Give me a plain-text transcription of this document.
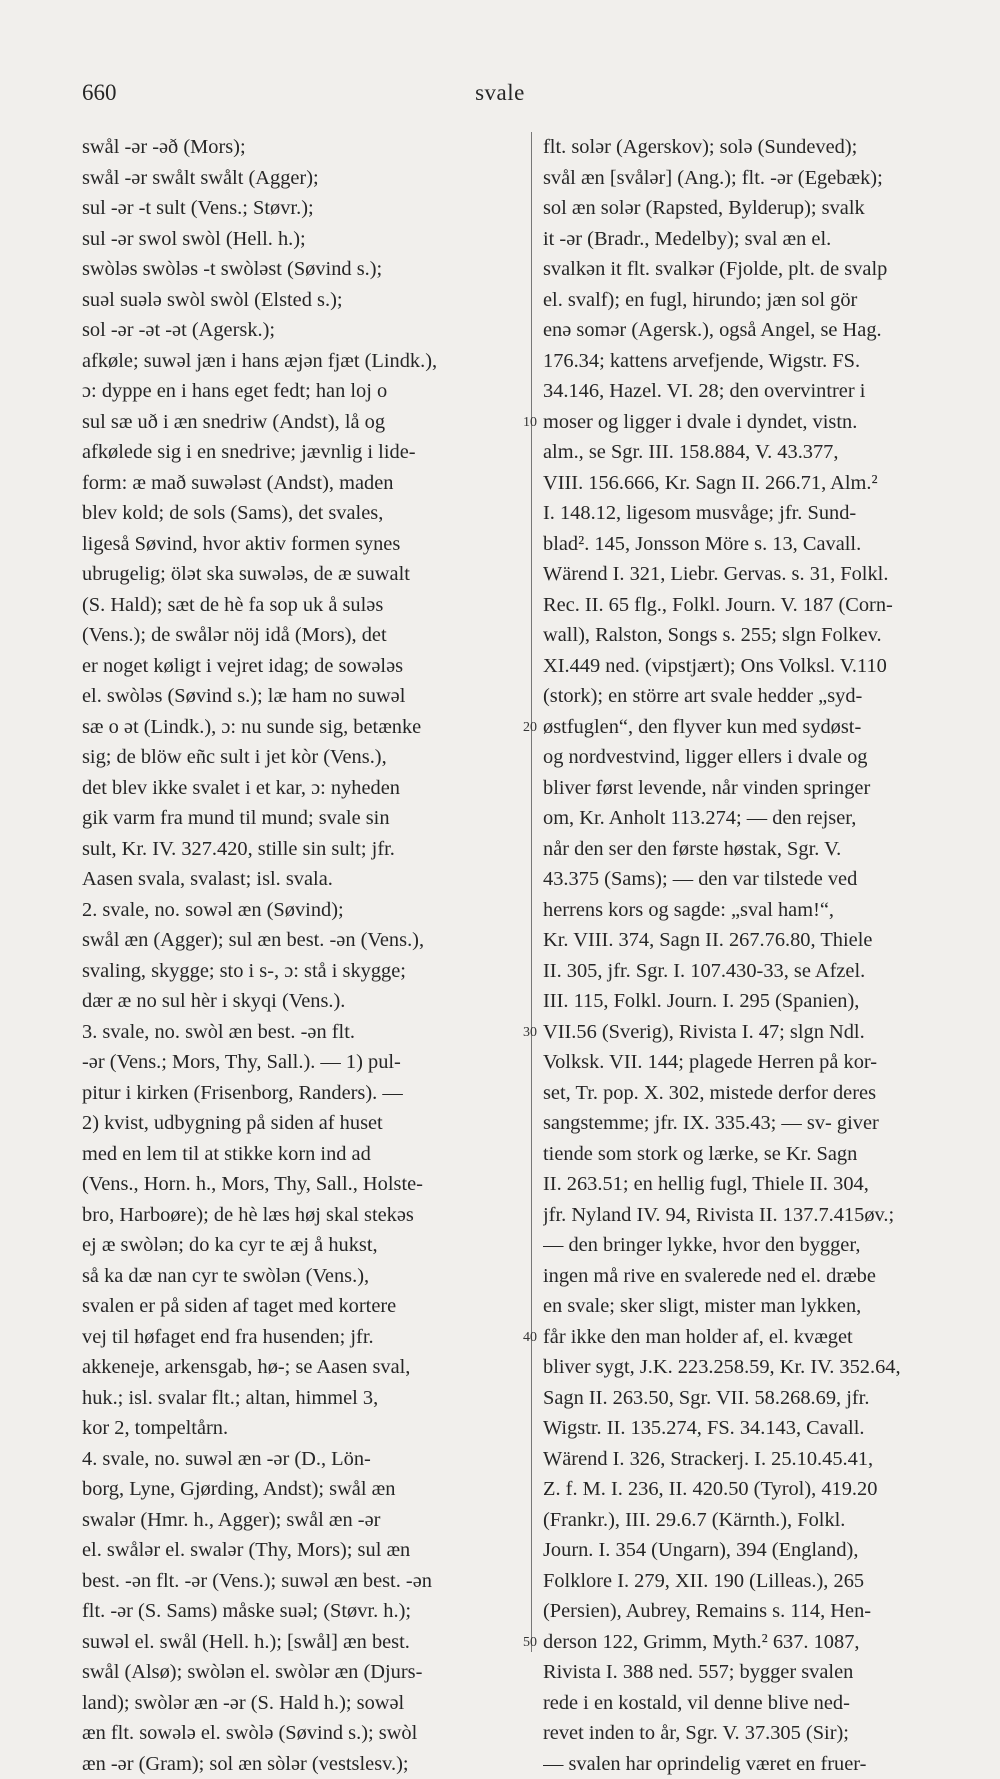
660	svale
swål -ər -əð (Mors);
swål -ər swålt swålt (Agger);
sul -ər -t sult (Vens.; Støvr.);
sul -ər swol swòl (Hell. h.);
swòləs swòləs -t swòləst (Søvind s.);
suəl suələ swòl swòl (Elsted s.);
sol -ər -ət -ət (Agersk.);
afkøle; suwəl jæn i hans æjən fjæt (Lindk.),
ɔ: dyppe en i hans eget fedt; han loj o
sul sæ uð i æn snedriw (Andst), lå og
afkølede sig i en snedrive; jævnlig i lide-
form: æ mað suwələst (Andst), maden
blev kold; de sols (Sams), det svales,
ligeså Søvind, hvor aktiv formen synes
ubrugelig; ölət ska suwələs, de æ suwalt
(S. Hald); sæt de hè fa sop uk å suləs
(Vens.); de swålər nöj idå (Mors), det
er noget køligt i vejret idag; de sowələs
el. swòləs (Søvind s.); læ ham no suwəl
sæ o ət (Lindk.), ɔ: nu sunde sig, betænke
sig; de blöw eñc sult i jet kòr (Vens.),
det blev ikke svalet i et kar, ɔ: nyheden
gik varm fra mund til mund; svale sin
sult, Kr. IV. 327.420, stille sin sult; jfr.
Aasen svala, svalast; isl. svala.
2. svale, no. sowəl æn (Søvind);
swål æn (Agger); sul æn best. -ən (Vens.),
svaling, skygge; sto i s-, ɔ: stå i skygge;
dær æ no sul hèr i skyqi (Vens.).
3. svale, no. swòl æn best. -ən flt.
-ər (Vens.; Mors, Thy, Sall.). — 1) pul-
pitur i kirken (Frisenborg, Randers). —
2) kvist, udbygning på siden af huset
med en lem til at stikke korn ind ad
(Vens., Horn. h., Mors, Thy, Sall., Holste-
bro, Harboøre); de hè læs høj skal stekəs
ej æ swòlən; do ka cyr te æj å hukst,
så ka dæ nan cyr te swòlən (Vens.),
svalen er på siden af taget med kortere
vej til høfaget end fra husenden; jfr.
akkeneje, arkensgab, hø-; se Aasen sval,
huk.; isl. svalar flt.; altan, himmel 3,
kor 2, tompeltårn.
4. svale, no. suwəl æn -ər (D., Lön-
borg, Lyne, Gjørding, Andst); swål æn
swalər (Hmr. h., Agger); swål æn -ər
el. swålər el. swalər (Thy, Mors); sul æn
best. -ən flt. -ər (Vens.); suwəl æn best. -ən
flt. -ər (S. Sams) måske suəl; (Støvr. h.);
suwəl el. swål (Hell. h.); [swål] æn best.
swål (Alsø); swòlən el. swòlər æn (Djurs-
land); swòlər æn -ər (S. Hald h.); sowəl
æn flt. sowələ el. swòlə (Søvind s.); swòl
æn -ər (Gram); sol æn sòlər (vestslesv.);
flt. solər (Agerskov); solə (Sundeved);
svål æn [svålər] (Ang.); flt. -ər (Egebæk);
sol æn solər (Rapsted, Bylderup); svalk
it -ər (Bradr., Medelby); sval æn el.
svalkən it flt. svalkər (Fjolde, plt. de svalp
el. svalf); en fugl, hirundo; jæn sol gör
enə somər (Agersk.), også Angel, se Hag.
176.34; kattens arvefjende, Wigstr. FS.
34.146, Hazel. VI. 28; den overvintrer i
moser og ligger i dvale i dyndet, vistn.
alm., se Sgr. III. 158.884, V. 43.377,
VIII. 156.666, Kr. Sagn II. 266.71, Alm.²
I. 148.12, ligesom musvåge; jfr. Sund-
blad². 145, Jonsson Möre s. 13, Cavall.
Wärend I. 321, Liebr. Gervas. s. 31, Folkl.
Rec. II. 65 flg., Folkl. Journ. V. 187 (Corn-
wall), Ralston, Songs s. 255; slgn Folkev.
XI.449 ned. (vipstjært); Ons Volksl. V.110
(stork); en större art svale hedder „syd-
østfuglen“, den flyver kun med sydøst-
og nordvestvind, ligger ellers i dvale og
bliver først levende, når vinden springer
om, Kr. Anholt 113.274; — den rejser,
når den ser den første høstak, Sgr. V.
43.375 (Sams); — den var tilstede ved
herrens kors og sagde: „sval ham!“,
Kr. VIII. 374, Sagn II. 267.76.80, Thiele
II. 305, jfr. Sgr. I. 107.430-33, se Afzel.
III. 115, Folkl. Journ. I. 295 (Spanien),
VII.56 (Sverig), Rivista I. 47; slgn Ndl.
Volksk. VII. 144; plagede Herren på kor-
set, Tr. pop. X. 302, mistede derfor deres
sangstemme; jfr. IX. 335.43; — sv- giver
tiende som stork og lærke, se Kr. Sagn
II. 263.51; en hellig fugl, Thiele II. 304,
jfr. Nyland IV. 94, Rivista II. 137.7.415øv.;
— den bringer lykke, hvor den bygger,
ingen må rive en svalerede ned el. dræbe
en svale; sker sligt, mister man lykken,
får ikke den man holder af, el. kvæget
bliver sygt, J.K. 223.258.59, Kr. IV. 352.64,
Sagn II. 263.50, Sgr. VII. 58.268.69, jfr.
Wigstr. II. 135.274, FS. 34.143, Cavall.
Wärend I. 326, Strackerj. I. 25.10.45.41,
Z. f. M. I. 236, II. 420.50 (Tyrol), 419.20
(Frankr.), III. 29.6.7 (Kärnth.), Folkl.
Journ. I. 354 (Ungarn), 394 (England),
Folklore I. 279, XII. 190 (Lilleas.), 265
(Persien), Aubrey, Remains s. 114, Hen-
derson 122, Grimm, Myth.² 637. 1087,
Rivista I. 388 ned. 557; bygger svalen
rede i en kostald, vil denne blive ned-
revet inden to år, Sgr. V. 37.305 (Sir);
— svalen har oprindelig været en fruer-
10
20
30
40
50
